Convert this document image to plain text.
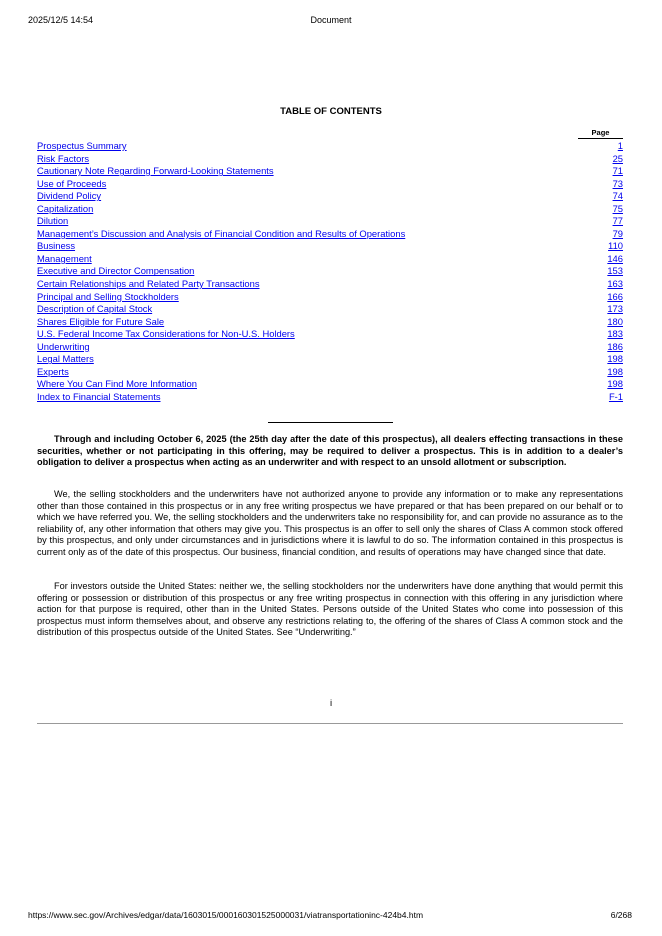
2025/12/5 14:54	Document
TABLE OF CONTENTS
Page
Prospectus Summary	1
Risk Factors	25
Cautionary Note Regarding Forward-Looking Statements	71
Use of Proceeds	73
Dividend Policy	74
Capitalization	75
Dilution	77
Management’s Discussion and Analysis of Financial Condition and Results of Operations	79
Business	110
Management	146
Executive and Director Compensation	153
Certain Relationships and Related Party Transactions	163
Principal and Selling Stockholders	166
Description of Capital Stock	173
Shares Eligible for Future Sale	180
U.S. Federal Income Tax Considerations for Non-U.S. Holders	183
Underwriting	186
Legal Matters	198
Experts	198
Where You Can Find More Information	198
Index to Financial Statements	F-1

Through and including October 6, 2025 (the 25th day after the date of this prospectus), all dealers effecting transactions in these securities, whether or not participating in this offering, may be required to deliver a prospectus. This is in addition to a dealer’s obligation to deliver a prospectus when acting as an underwriter and with respect to an unsold allotment or subscription.

We, the selling stockholders and the underwriters have not authorized anyone to provide any information or to make any representations other than those contained in this prospectus or in any free writing prospectus we have prepared or that has been prepared on our behalf or to which we have referred you. We, the selling stockholders and the underwriters take no responsibility for, and can provide no assurance as to the reliability of, any other information that others may give you. This prospectus is an offer to sell only the shares of Class A common stock offered by this prospectus, and only under circumstances and in jurisdictions where it is lawful to do so. The information contained in this prospectus is current only as of the date of this prospectus. Our business, financial condition, and results of operations may have changed since that date.

For investors outside the United States: neither we, the selling stockholders nor the underwriters have done anything that would permit this offering or possession or distribution of this prospectus or any free writing prospectus in connection with this offering in any jurisdiction where action for that purpose is required, other than in the United States. Persons outside of the United States who come into possession of this prospectus must inform themselves about, and observe any restrictions relating to, the offering of the shares of Class A common stock and the distribution of this prospectus outside of the United States. See “Underwriting.”

i
https://www.sec.gov/Archives/edgar/data/1603015/000160301525000031/viatransportationinc-424b4.htm	6/268
